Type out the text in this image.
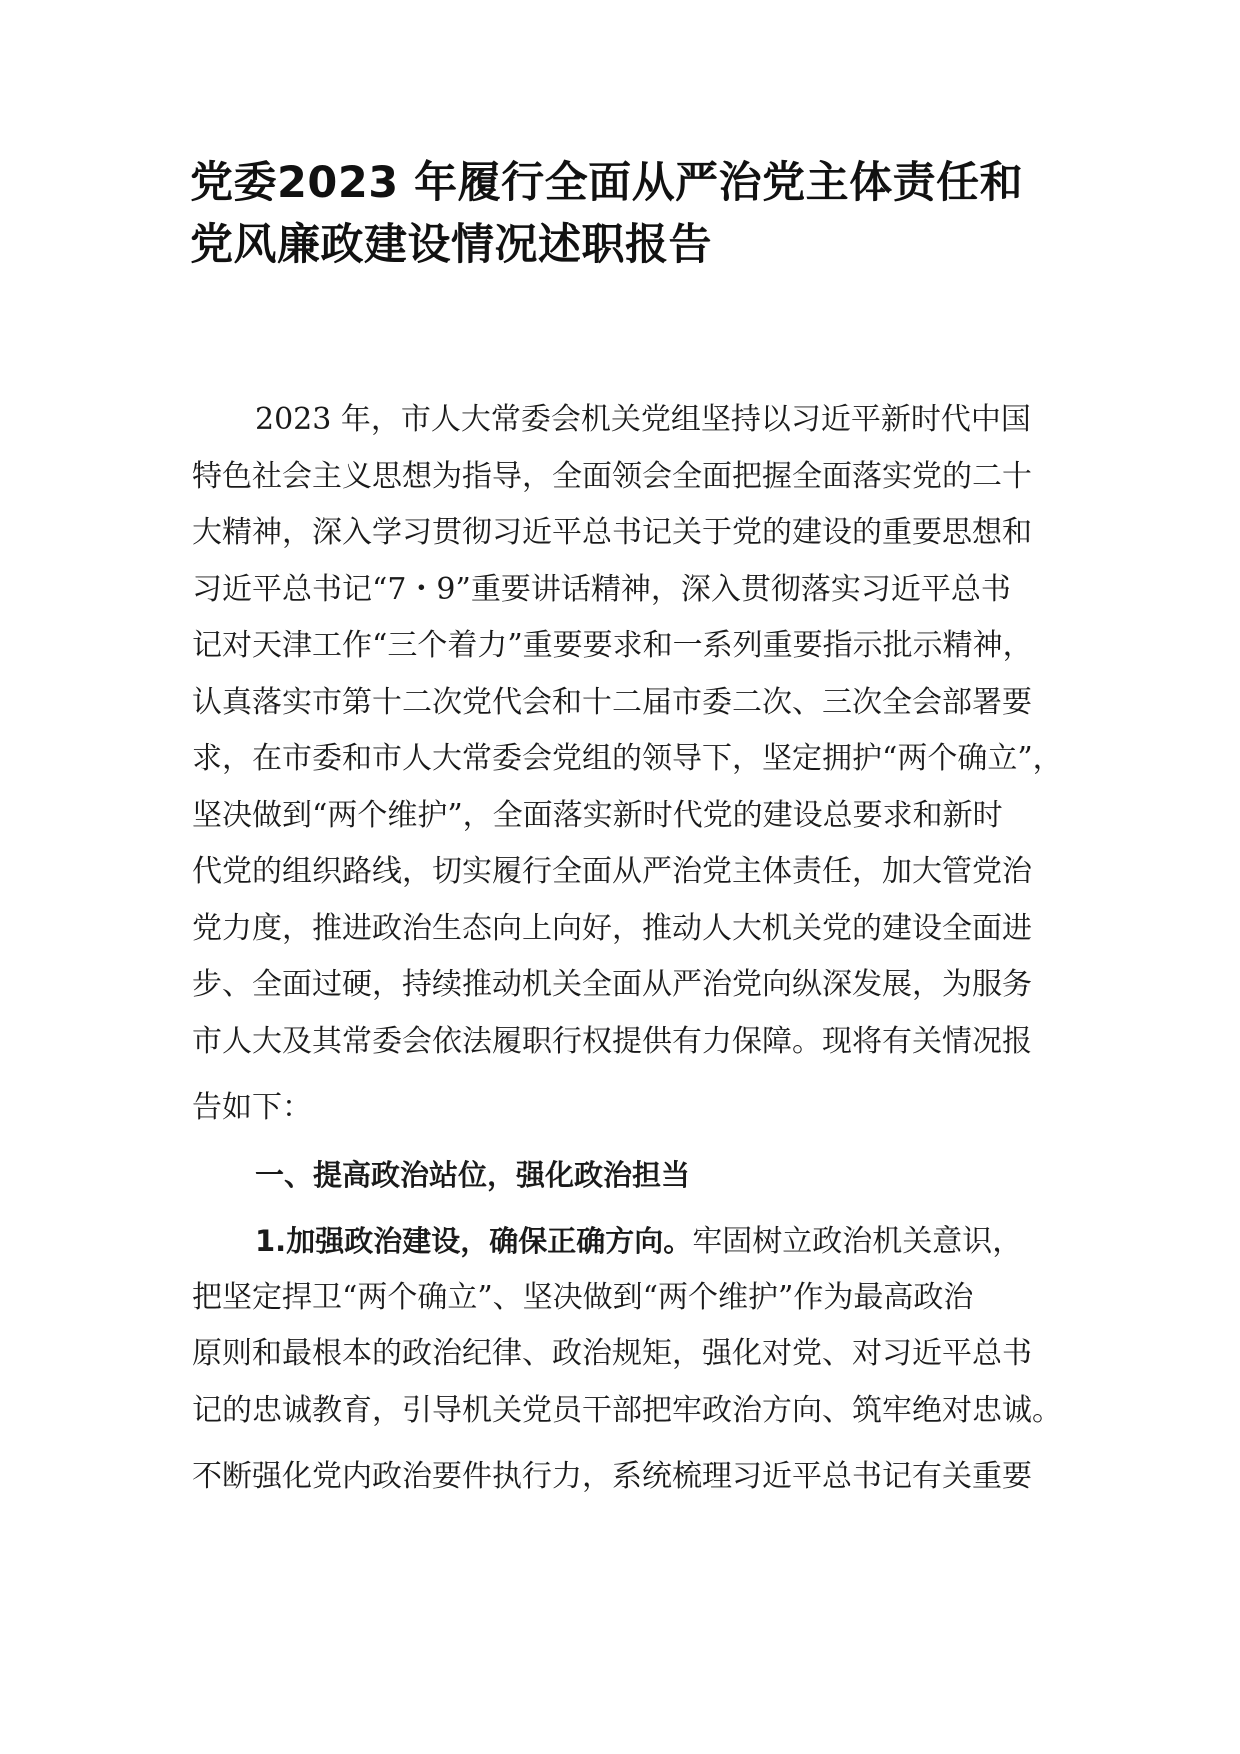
党委2023 年履行全面从严治党主体责任和
党风廉政建设情况述职报告
2023 年，市人大常委会机关党组坚持以习近平新时代中国
特色社会主义思想为指导，全面领会全面把握全面落实党的二十
大精神，深入学习贯彻习近平总书记关于党的建设的重要思想和
习近平总书记“7・9”重要讲话精神，深入贯彻落实习近平总书
记对天津工作“三个着力”重要要求和一系列重要指示批示精神，
认真落实市第十二次党代会和十二届市委二次、三次全会部署要
求，在市委和市人大常委会党组的领导下，坚定拥护“两个确立”，
坚决做到“两个维护”，全面落实新时代党的建设总要求和新时
代党的组织路线，切实履行全面从严治党主体责任，加大管党治
党力度，推进政治生态向上向好，推动人大机关党的建设全面进
步、全面过硬，持续推动机关全面从严治党向纵深发展，为服务
市人大及其常委会依法履职行权提供有力保障。现将有关情况报
告如下：
一、提高政治站位，强化政治担当
1.加强政治建设，确保正确方向。牢固树立政治机关意识，
把坚定捍卫“两个确立”、坚决做到“两个维护”作为最高政治
原则和最根本的政治纪律、政治规矩，强化对党、对习近平总书
记的忠诚教育，引导机关党员干部把牢政治方向、筑牢绝对忠诚。
不断强化党内政治要件执行力，系统梳理习近平总书记有关重要
